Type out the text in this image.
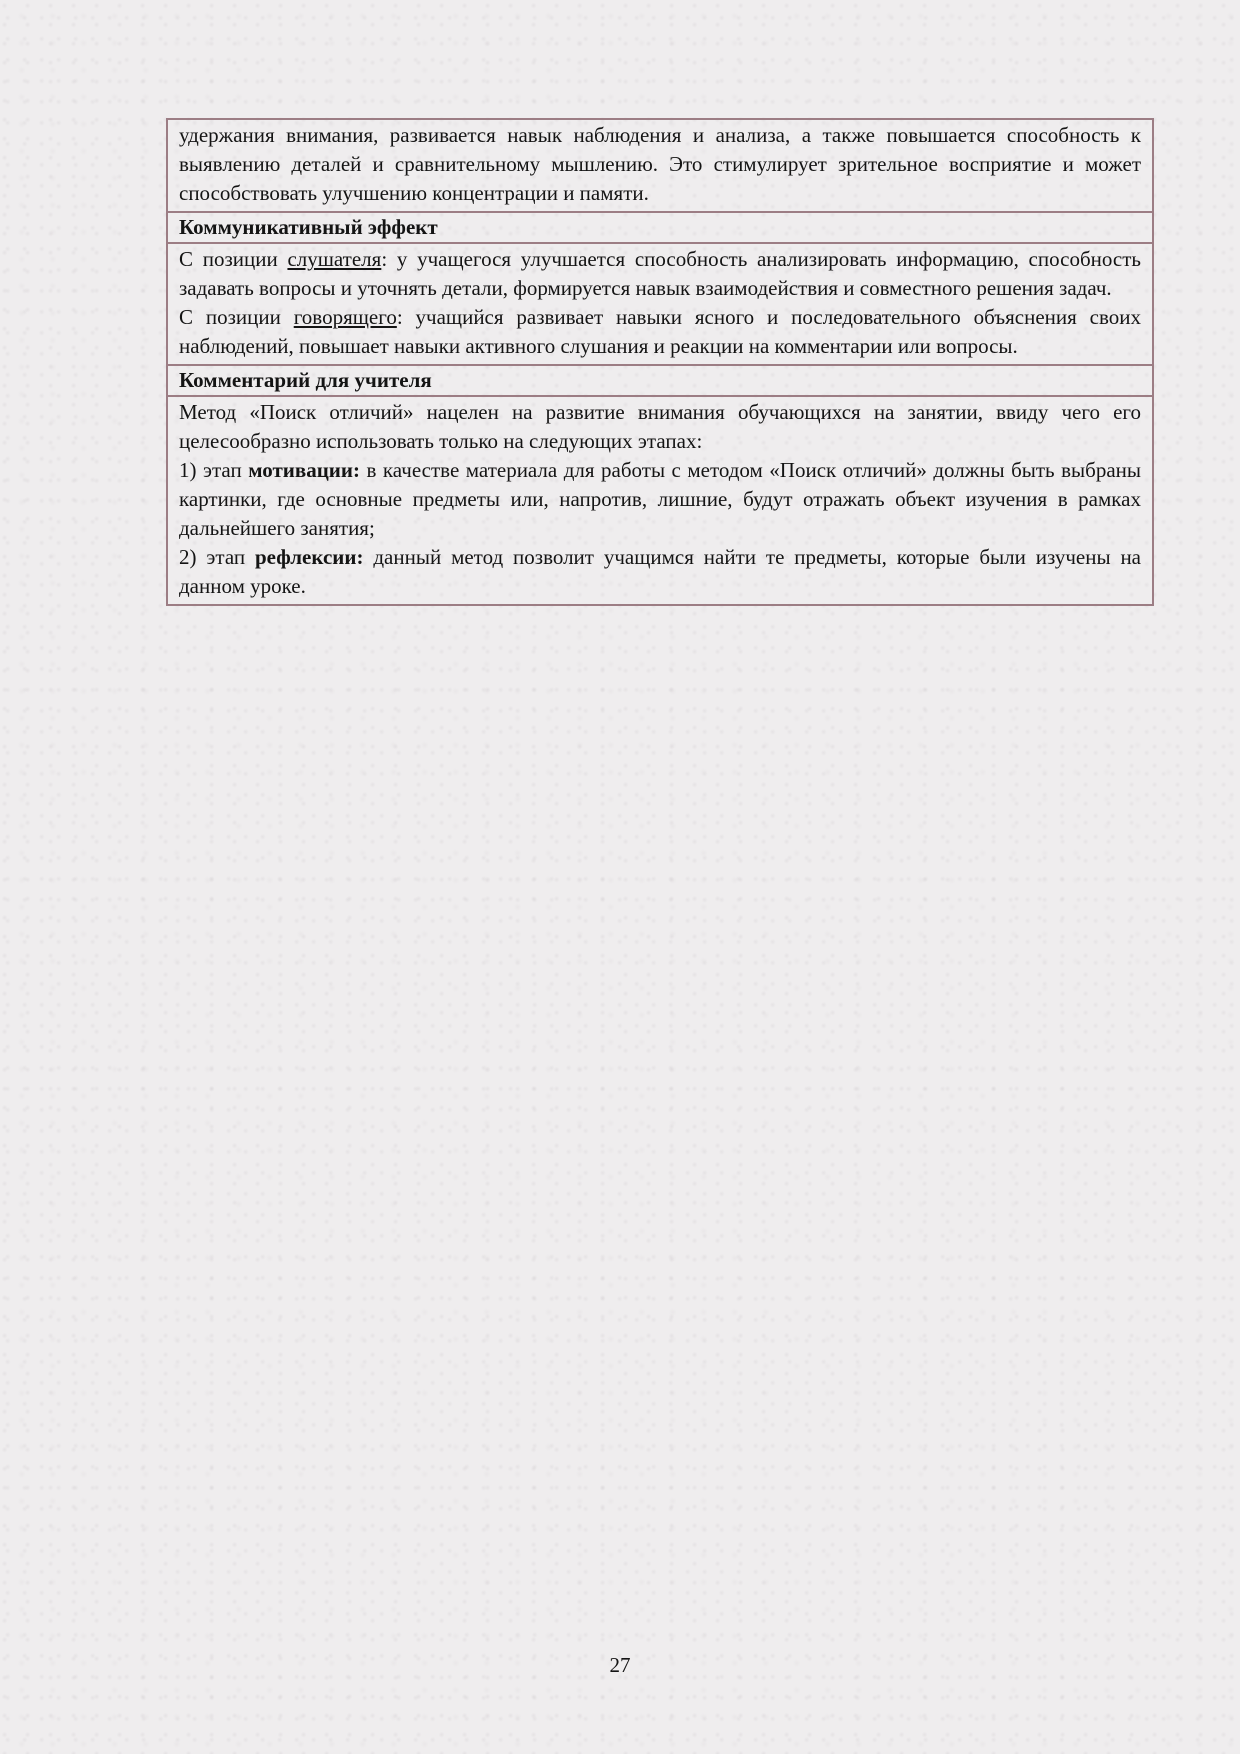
удержания внимания, развивается навык наблюдения и анализа, а также повышается способность к выявлению деталей и сравнительному мышлению. Это стимулирует зрительное восприятие и может способствовать улучшению концентрации и памяти.

Коммуникативный эффект

С позиции слушателя: у учащегося улучшается способность анализировать информацию, способность задавать вопросы и уточнять детали, формируется навык взаимодействия и совместного решения задач.

С позиции говорящего: учащийся развивает навыки ясного и последовательного объяснения своих наблюдений, повышает навыки активного слушания и реакции на комментарии или вопросы.

Комментарий для учителя

Метод «Поиск отличий» нацелен на развитие внимания обучающихся на занятии, ввиду чего его целесообразно использовать только на следующих этапах:

1) этап мотивации: в качестве материала для работы с методом «Поиск отличий» должны быть выбраны картинки, где основные предметы или, напротив, лишние, будут отражать объект изучения в рамках дальнейшего занятия;

2) этап рефлексии: данный метод позволит учащимся найти те предметы, которые были изучены на данном уроке.

27
